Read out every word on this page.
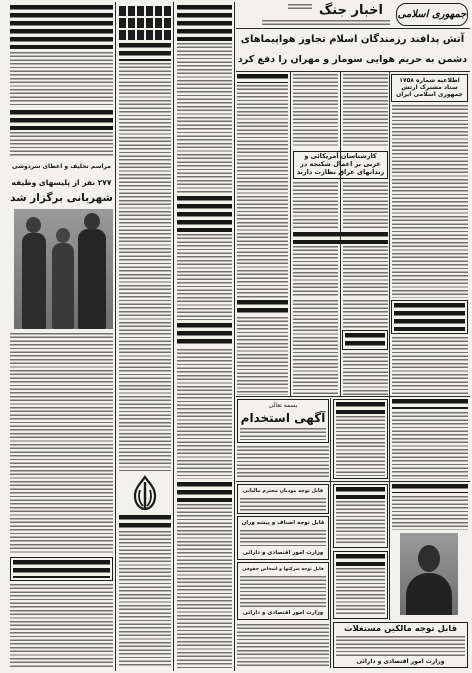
جمهوری اسلامی
اخبار جنگ
آتش پدافند رزمندگان اسلام تجاوز هواپیماهای
دشمن به حریم هوایی سومار و مهران را دفع کرد
اطلاعیه شماره ۱۷۵۸ ستاد مشترک ارتش جمهوری اسلامی ایران
کارشناسان آمریکائی و غربی بر اعمال شکنجه در زندانهای عراق نظارت دارند
بسمه تعالی
آگهی استخدام
قابل توجه مودیان محترم مالیاتی
قابل توجه اصناف و پیشه وران
وزارت امور اقتصادی و دارائی
قابل توجه شرکتها و اشخاص حقوقی
وزارت امور اقتصادی و دارائی
قابل توجه مالکین مستغلات
وزارت امور اقتصادی و دارائی
مراسم تحلیف و اعطای سردوشی
۲۷۷ نفر از پلیسهای وظیفه
شهربانی برگزار شد
